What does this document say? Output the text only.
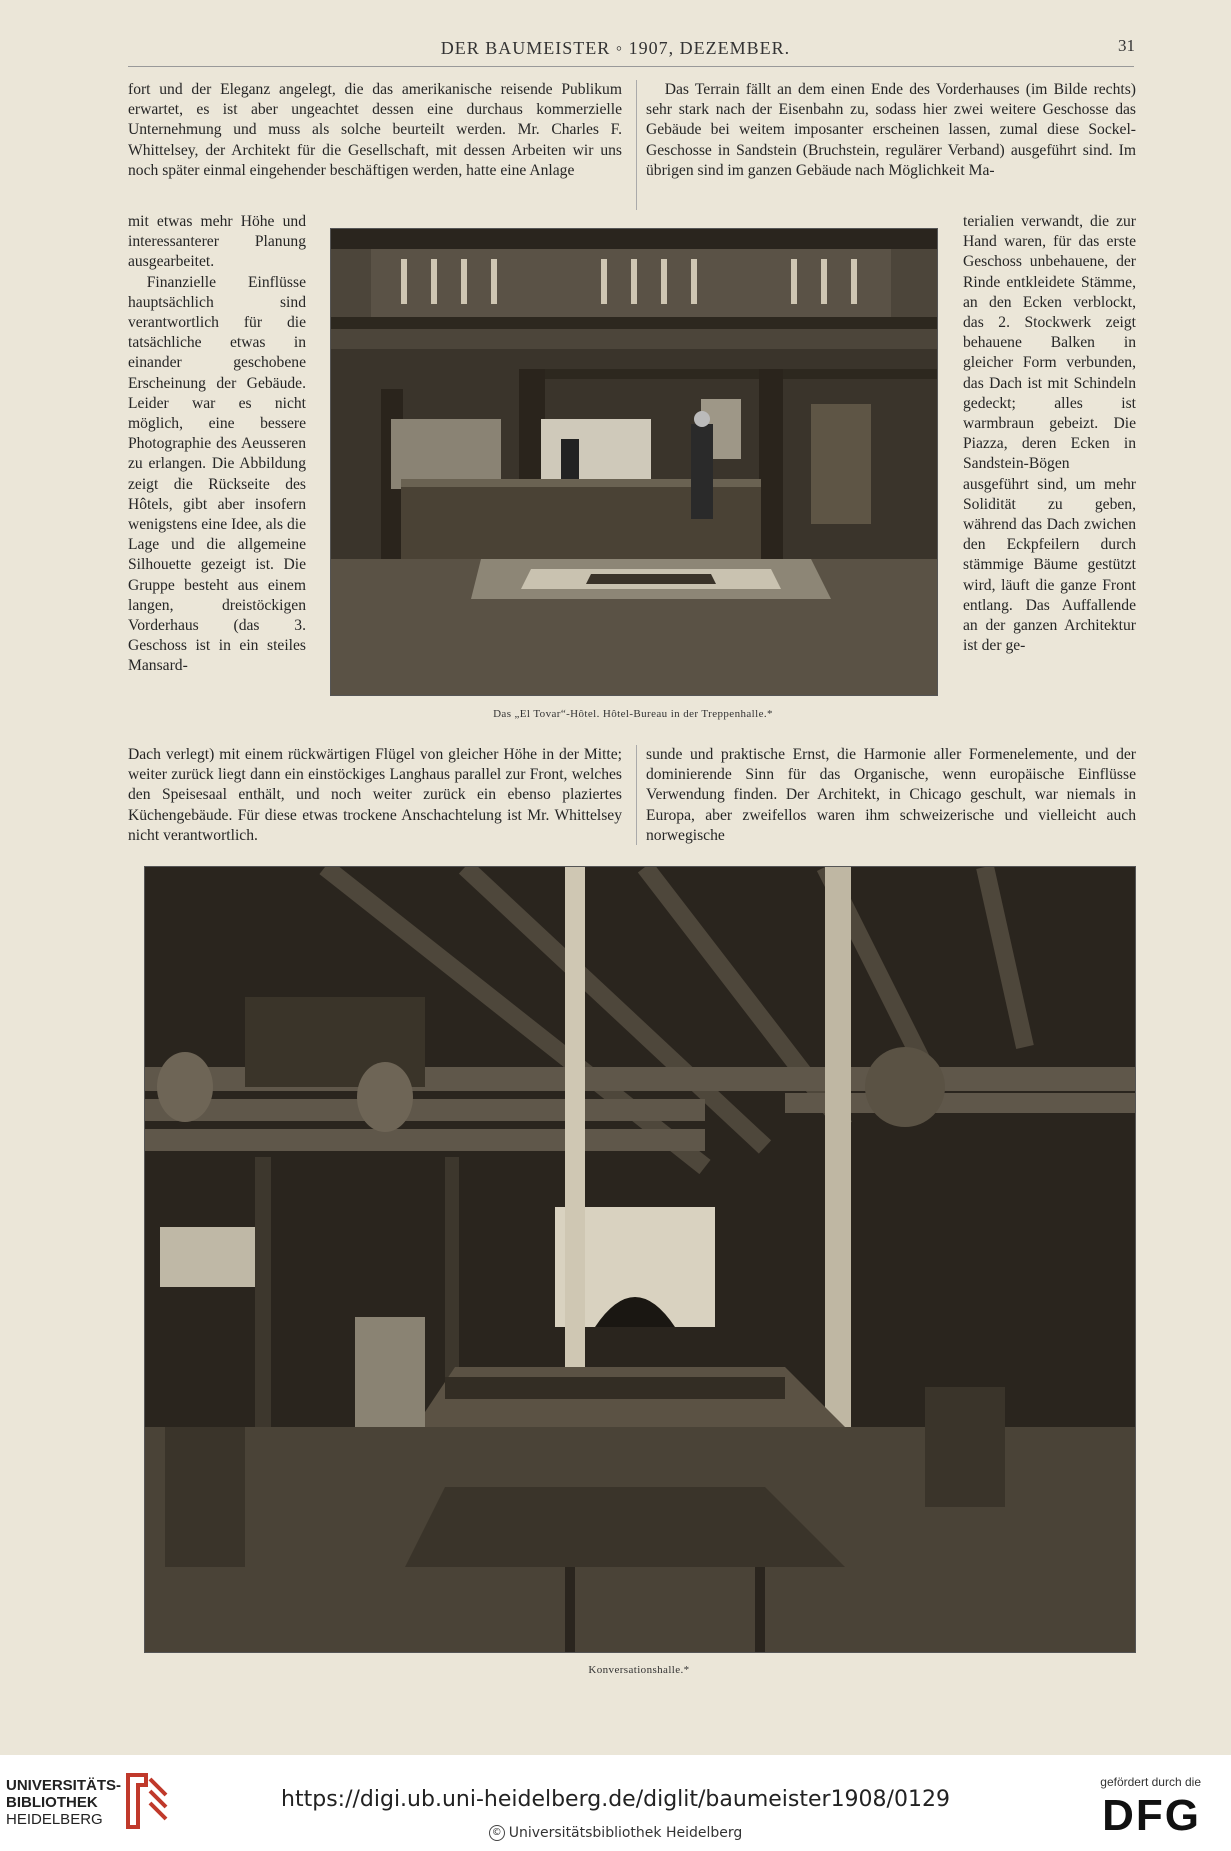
DER BAUMEISTER ◦ 1907, DEZEMBER.	31

fort und der Eleganz angelegt, die das amerikanische reisende Publikum erwartet, es ist aber ungeachtet dessen eine durchaus kommerzielle Unternehmung und muss als solche beurteilt werden. Mr. Charles F. Whittelsey, der Architekt für die Gesellschaft, mit dessen Arbeiten wir uns noch später einmal eingehender beschäftigen werden, hatte eine Anlage

Das Terrain fällt an dem einen Ende des Vorderhauses (im Bilde rechts) sehr stark nach der Eisenbahn zu, sodass hier zwei weitere Geschosse das Gebäude bei weitem imposanter erscheinen lassen, zumal diese Sockel-Geschosse in Sandstein (Bruchstein, regulärer Verband) ausgeführt sind. Im übrigen sind im ganzen Gebäude nach Möglichkeit Ma-

mit etwas mehr Höhe und interessanterer Planung ausgearbeitet.

Finanzielle Einflüsse hauptsächlich sind verantwortlich für die tatsächliche etwas in einander geschobene Erscheinung der Gebäude. Leider war es nicht möglich, eine bessere Photographie des Aeusseren zu erlangen. Die Abbildung zeigt die Rückseite des Hôtels, gibt aber insofern wenigstens eine Idee, als die Lage und die allgemeine Silhouette gezeigt ist. Die Gruppe besteht aus einem langen, dreistöckigen Vorderhaus (das 3. Geschoss ist in ein steiles Mansard-

terialien verwandt, die zur Hand waren, für das erste Geschoss unbehauene, der Rinde entkleidete Stämme, an den Ecken verblockt, das 2. Stockwerk zeigt behauene Balken in gleicher Form verbunden, das Dach ist mit Schindeln gedeckt; alles ist warmbraun gebeizt. Die Piazza, deren Ecken in Sandstein-Bögen ausgeführt sind, um mehr Solidität zu geben, während das Dach zwichen den Eckpfeilern durch stämmige Bäume gestützt wird, läuft die ganze Front entlang. Das Auffallende an der ganzen Architektur ist der ge-

Das „El Tovar“-Hôtel. Hôtel-Bureau in der Treppenhalle.*

Dach verlegt) mit einem rückwärtigen Flügel von gleicher Höhe in der Mitte; weiter zurück liegt dann ein einstöckiges Langhaus parallel zur Front, welches den Speisesaal enthält, und noch weiter zurück ein ebenso plaziertes Küchengebäude. Für diese etwas trockene Anschachtelung ist Mr. Whittelsey nicht verantwortlich.

sunde und praktische Ernst, die Harmonie aller Formenelemente, und der dominierende Sinn für das Organische, wenn europäische Einflüsse Verwendung finden. Der Architekt, in Chicago geschult, war niemals in Europa, aber zweifellos waren ihm schweizerische und vielleicht auch norwegische

Konversationshalle.*
UNIVERSITÄTS-
BIBLIOTHEK
HEIDELBERG
https://digi.ub.uni-heidelberg.de/diglit/baumeister1908/0129
© Universitätsbibliothek Heidelberg
gefördert durch die
DFG
